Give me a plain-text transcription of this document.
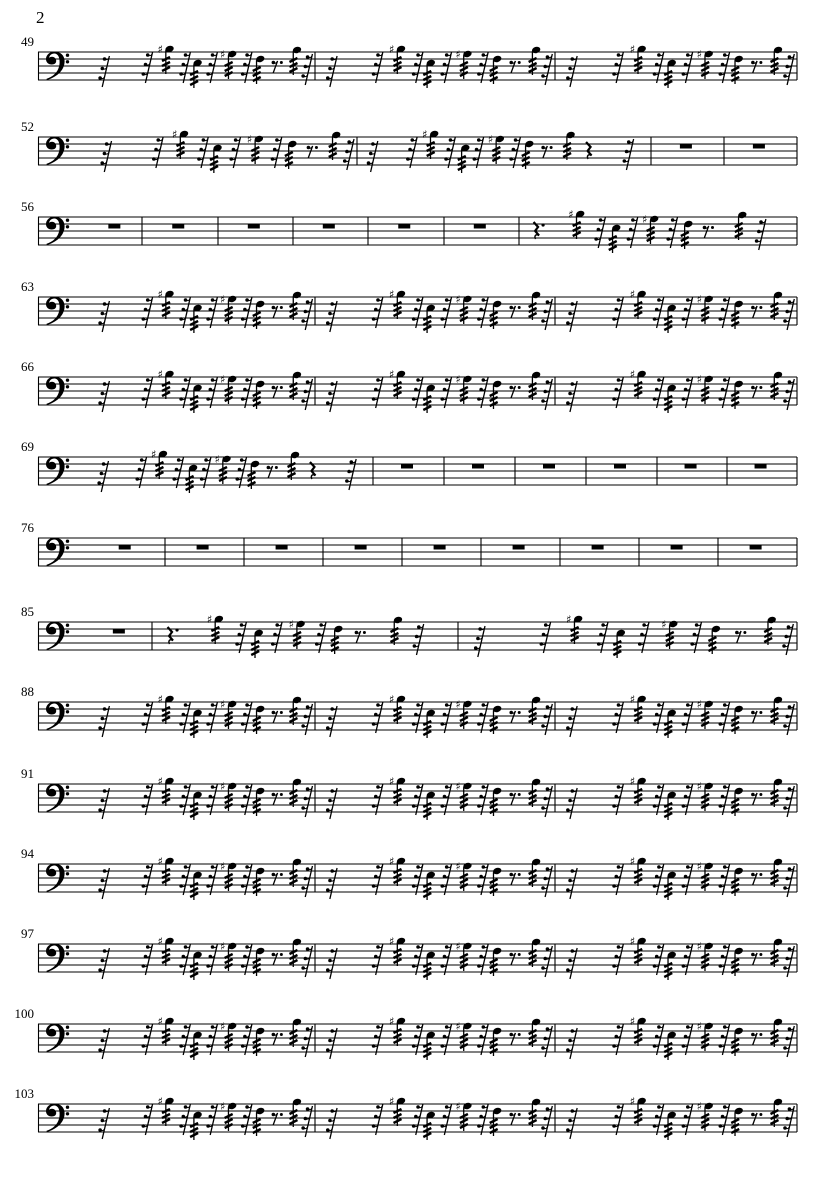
2
49
♯	♯	♯	♯	♯	♯
52
♯	♯	♯	♯
56
♯	♯
63
♯	♯	♯	♯	♯	♯
66
♯	♯	♯	♯	♯	♯
69
♯	♯
76
85
♯	♯	♯	♯
88
♯	♯	♯	♯	♯	♯
91
♯	♯	♯	♯	♯	♯
94
♯	♯	♯	♯	♯	♯
97
♯	♯	♯	♯	♯	♯
100
♯	♯	♯	♯	♯	♯
103
♯	♯	♯	♯	♯	♯
